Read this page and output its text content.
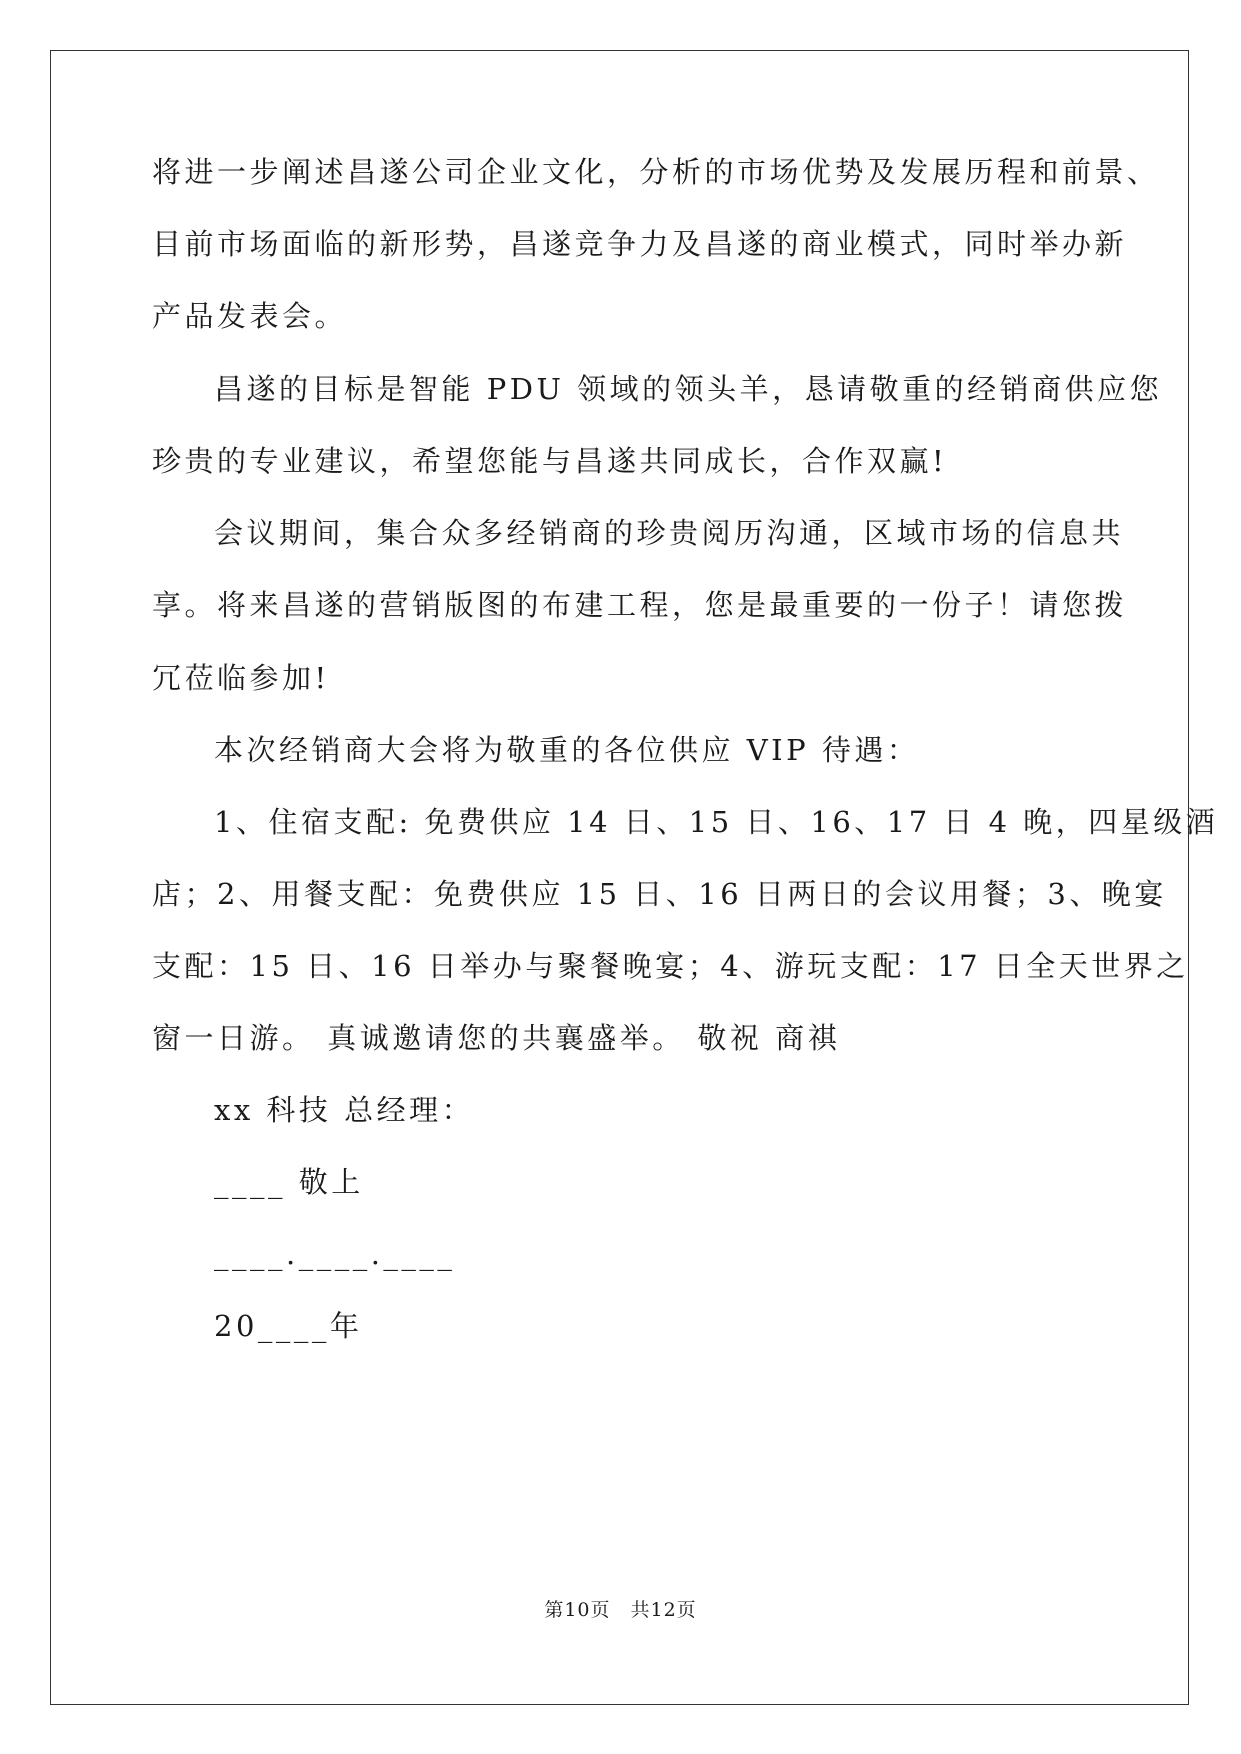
将进一步阐述昌遂公司企业文化，分析的市场优势及发展历程和前景、
目前市场面临的新形势，昌遂竞争力及昌遂的商业模式，同时举办新
产品发表会。
昌遂的目标是智能 PDU 领域的领头羊，恳请敬重的经销商供应您
珍贵的专业建议，希望您能与昌遂共同成长，合作双赢!
会议期间，集合众多经销商的珍贵阅历沟通，区域市场的信息共
享。将来昌遂的营销版图的布建工程，您是最重要的一份子！请您拨
冗莅临参加!
本次经销商大会将为敬重的各位供应 VIP 待遇：
1、住宿支配: 免费供应 14 日、15 日、16、17 日 4 晚，四星级酒
店；2、用餐支配：免费供应 15 日、16 日两日的会议用餐；3、晚宴
支配：15 日、16 日举办与聚餐晚宴；4、游玩支配：17 日全天世界之
窗一日游。 真诚邀请您的共襄盛举。 敬祝 商祺
xx 科技 总经理：
____ 敬上
____.____.____
20____年
第10页　共12页
